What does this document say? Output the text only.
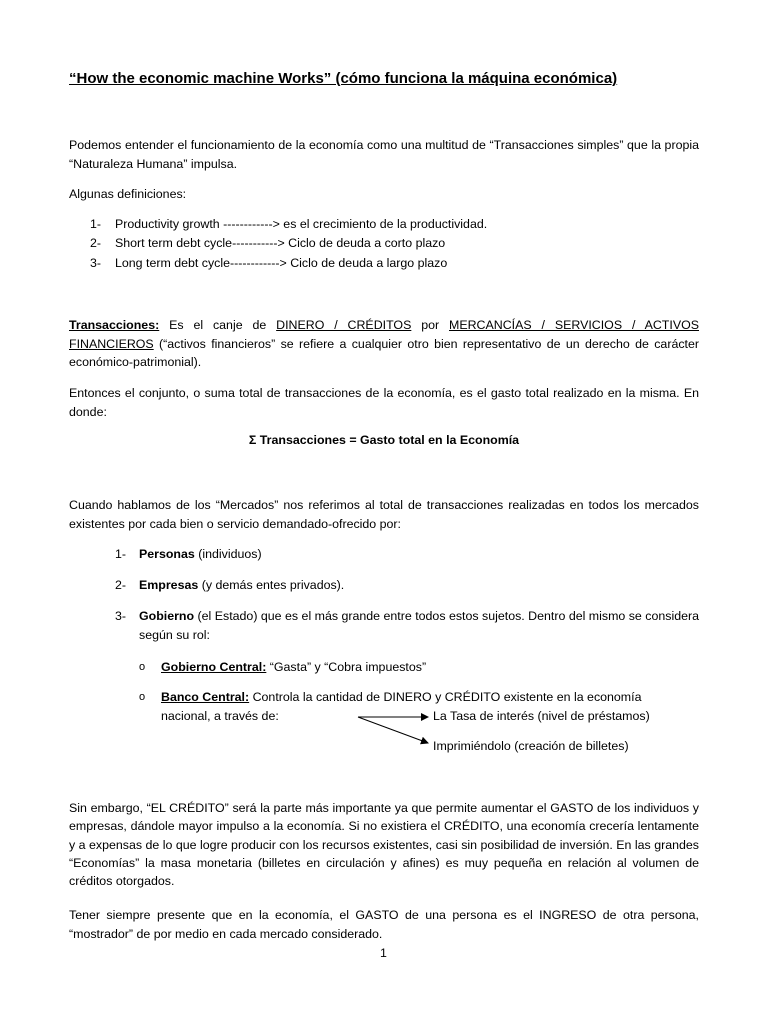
“How the economic machine Works” (cómo funciona la máquina económica)
Podemos entender el funcionamiento de la economía como una multitud de “Transacciones simples” que la propia “Naturaleza Humana” impulsa.
Algunas definiciones:
1- Productivity growth ------------> es el crecimiento de la productividad.
2- Short term debt cycle-----------> Ciclo de deuda a corto plazo
3- Long term debt cycle------------> Ciclo de deuda a largo plazo
Transacciones: Es el canje de DINERO / CRÉDITOS por MERCANCÍAS / SERVICIOS / ACTIVOS FINANCIEROS (“activos financieros” se refiere a cualquier otro bien representativo de un derecho de carácter económico-patrimonial).
Entonces el conjunto, o suma total de transacciones de la economía, es el gasto total realizado en la misma. En donde:
Σ Transacciones = Gasto total en la Economía
Cuando hablamos de los “Mercados” nos referimos al total de transacciones realizadas en todos los mercados existentes por cada bien o servicio demandado-ofrecido por:
1- Personas (individuos)
2- Empresas (y demás entes privados).
3- Gobierno (el Estado) que es el más grande entre todos estos sujetos. Dentro del mismo se considera según su rol:
o Gobierno Central: “Gasta” y “Cobra impuestos”
o Banco Central: Controla la cantidad de DINERO y CRÉDITO existente en la economía
nacional, a través de:	La Tasa de interés (nivel de préstamos)
Imprimiéndolo (creación de billetes)
Sin embargo, “EL CRÉDITO” será la parte más importante ya que permite aumentar el GASTO de los individuos y empresas, dándole mayor impulso a la economía. Si no existiera el CRÉDITO, una economía crecería lentamente y a expensas de lo que logre producir con los recursos existentes, casi sin posibilidad de inversión. En las grandes “Economías” la masa monetaria (billetes en circulación y afines) es muy pequeña en relación al volumen de créditos otorgados.
Tener siempre presente que en la economía, el GASTO de una persona es el INGRESO de otra persona, “mostrador” de por medio en cada mercado considerado.
1
